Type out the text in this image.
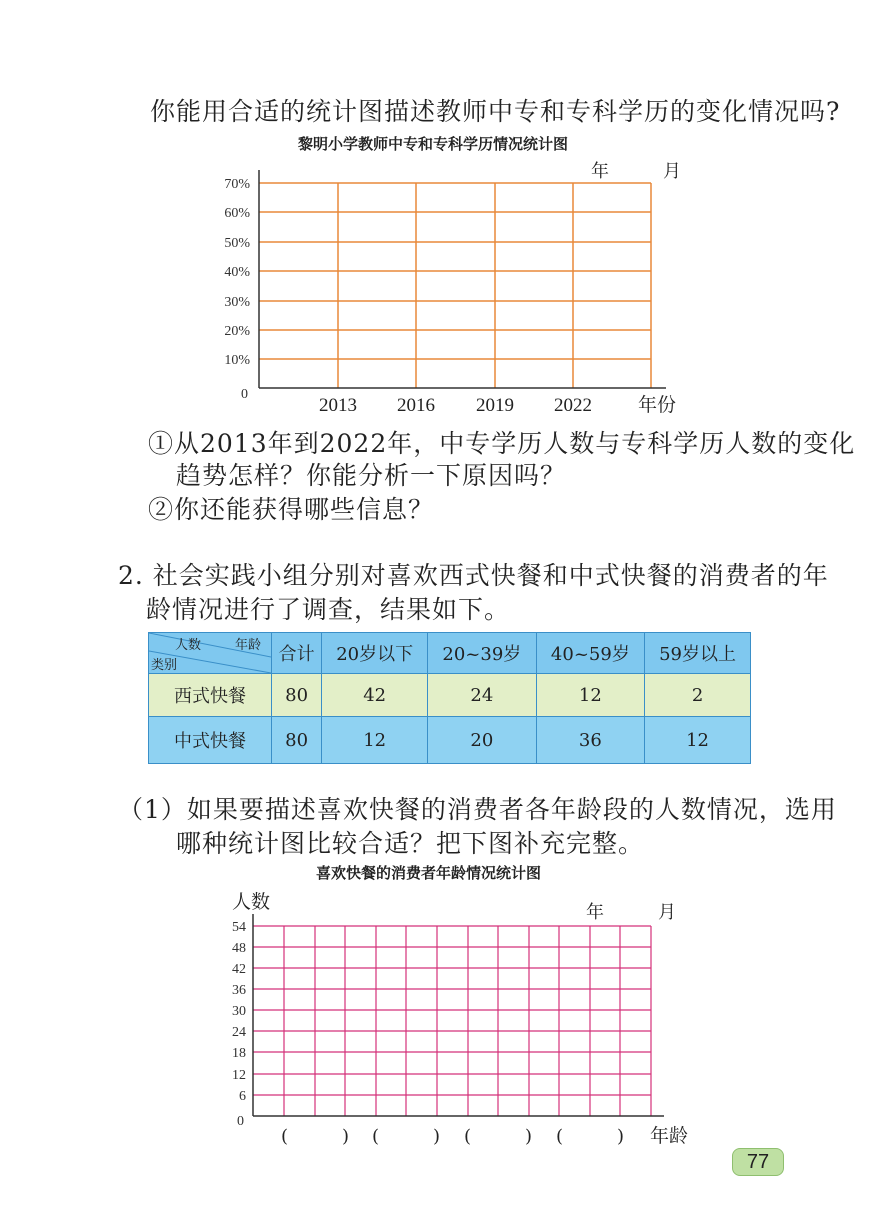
你能用合适的统计图描述教师中专和专科学历的变化情况吗?
黎明小学教师中专和专科学历情况统计图
年　月
70%
60%
50%
40%
30%
20%
10%
0
2013 2016 2019 2022 年份
54
48
42
36
30
24
18
12
6
0
(　　　) (　　　) (　　　) (　　　) 年龄
①从2013年到2022年，中专学历人数与专科学历人数的变化
趋势怎样？你能分析一下原因吗？
②你还能获得哪些信息？
2. 社会实践小组分别对喜欢西式快餐和中式快餐的消费者的年
龄情况进行了调查，结果如下。
人数 年龄
类别	合计	20岁以下	20~39岁	40~59岁	59岁以上
西式快餐	80	42	24	12	2
中式快餐	80	12	20	36	12
（1）如果要描述喜欢快餐的消费者各年龄段的人数情况，选用
哪种统计图比较合适？把下图补充完整。
喜欢快餐的消费者年龄情况统计图
人数	年　月
77
